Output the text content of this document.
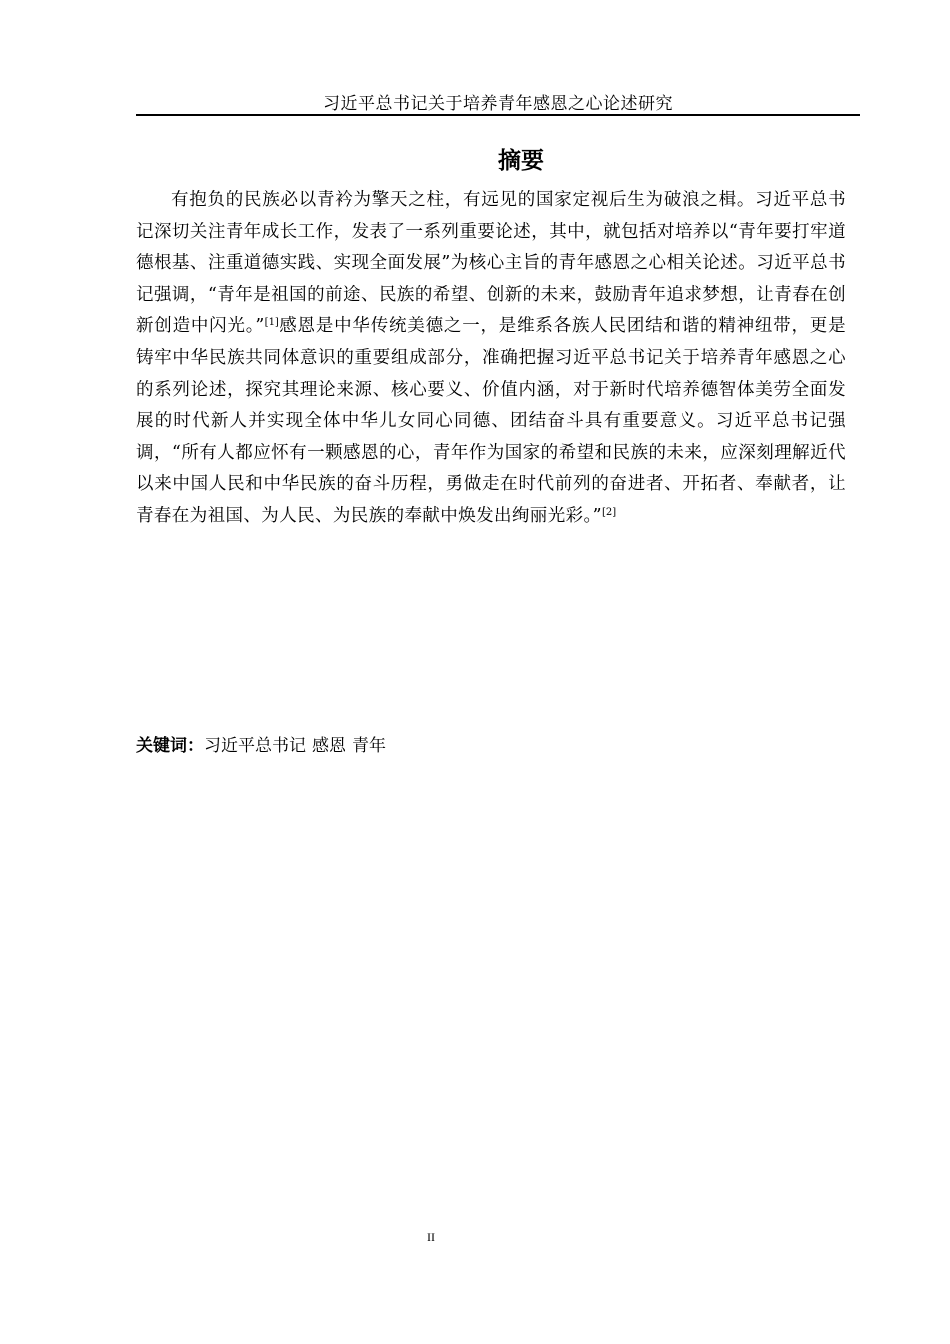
习近平总书记关于培养青年感恩之心论述研究
摘要

有抱负的民族必以青衿为擎天之柱，有远见的国家定视后生为破浪之楫。习近平总书记深切关注青年成长工作，发表了一系列重要论述，其中，就包括对培养以“青年要打牢道德根基、注重道德实践、实现全面发展”为核心主旨的青年感恩之心相关论述。习近平总书记强调，“青年是祖国的前途、民族的希望、创新的未来，鼓励青年追求梦想，让青春在创新创造中闪光。”[1]感恩是中华传统美德之一，是维系各族人民团结和谐的精神纽带，更是铸牢中华民族共同体意识的重要组成部分，准确把握习近平总书记关于培养青年感恩之心的系列论述，探究其理论来源、核心要义、价值内涵，对于新时代培养德智体美劳全面发展的时代新人并实现全体中华儿女同心同德、团结奋斗具有重要意义。习近平总书记强调，“所有人都应怀有一颗感恩的心，青年作为国家的希望和民族的未来，应深刻理解近代以来中国人民和中华民族的奋斗历程，勇做走在时代前列的奋进者、开拓者、奉献者，让青春在为祖国、为人民、为民族的奉献中焕发出绚丽光彩。”[2]

关键词：习近平总书记 感恩 青年
II
